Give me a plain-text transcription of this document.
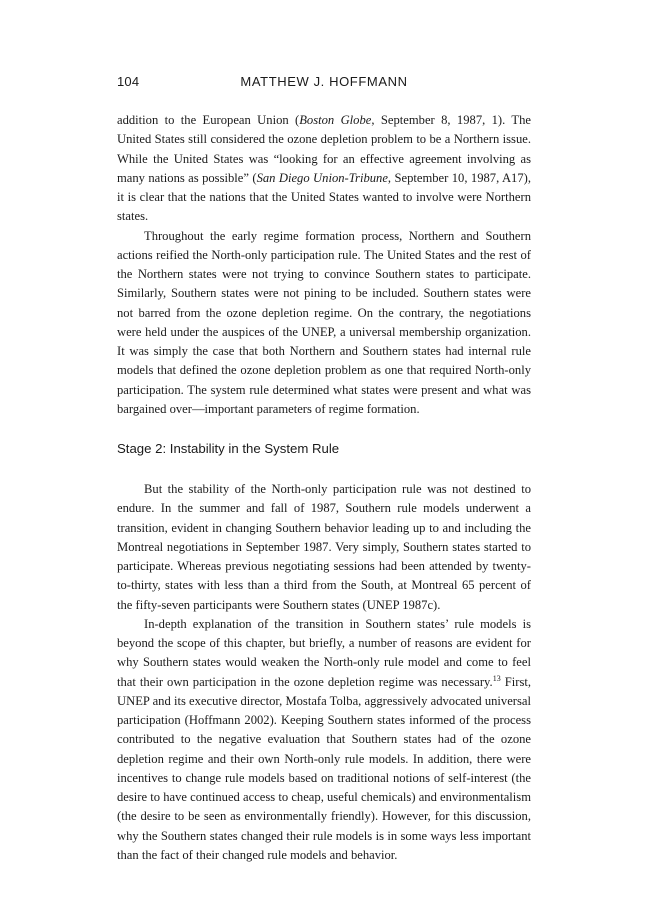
104	MATTHEW J. HOFFMANN

addition to the European Union (Boston Globe, September 8, 1987, 1). The United States still considered the ozone depletion problem to be a Northern issue. While the United States was “looking for an effective agreement involving as many nations as possible” (San Diego Union-Tribune, September 10, 1987, A17), it is clear that the nations that the United States wanted to involve were Northern states.

Throughout the early regime formation process, Northern and Southern actions reified the North-only participation rule. The United States and the rest of the Northern states were not trying to convince Southern states to participate. Similarly, Southern states were not pining to be included. Southern states were not barred from the ozone depletion regime. On the contrary, the negotiations were held under the auspices of the UNEP, a universal membership organization. It was simply the case that both Northern and Southern states had internal rule models that defined the ozone depletion problem as one that required North-only participation. The system rule determined what states were present and what was bargained over—important parameters of regime formation.

Stage 2: Instability in the System Rule

But the stability of the North-only participation rule was not destined to endure. In the summer and fall of 1987, Southern rule models underwent a transition, evident in changing Southern behavior leading up to and including the Montreal negotiations in September 1987. Very simply, Southern states started to participate. Whereas previous negotiating sessions had been attended by twenty-to-thirty, states with less than a third from the South, at Montreal 65 percent of the fifty-seven participants were Southern states (UNEP 1987c).

In-depth explanation of the transition in Southern states’ rule models is beyond the scope of this chapter, but briefly, a number of reasons are evident for why Southern states would weaken the North-only rule model and come to feel that their own participation in the ozone depletion regime was necessary.$^{13}$ First, UNEP and its executive director, Mostafa Tolba, aggressively advocated universal participation (Hoffmann 2002). Keeping Southern states informed of the process contributed to the negative evaluation that Southern states had of the ozone depletion regime and their own North-only rule models. In addition, there were incentives to change rule models based on traditional notions of self-interest (the desire to have continued access to cheap, useful chemicals) and environmentalism (the desire to be seen as environmentally friendly). However, for this discussion, why the Southern states changed their rule models is in some ways less important than the fact of their changed rule models and behavior.
